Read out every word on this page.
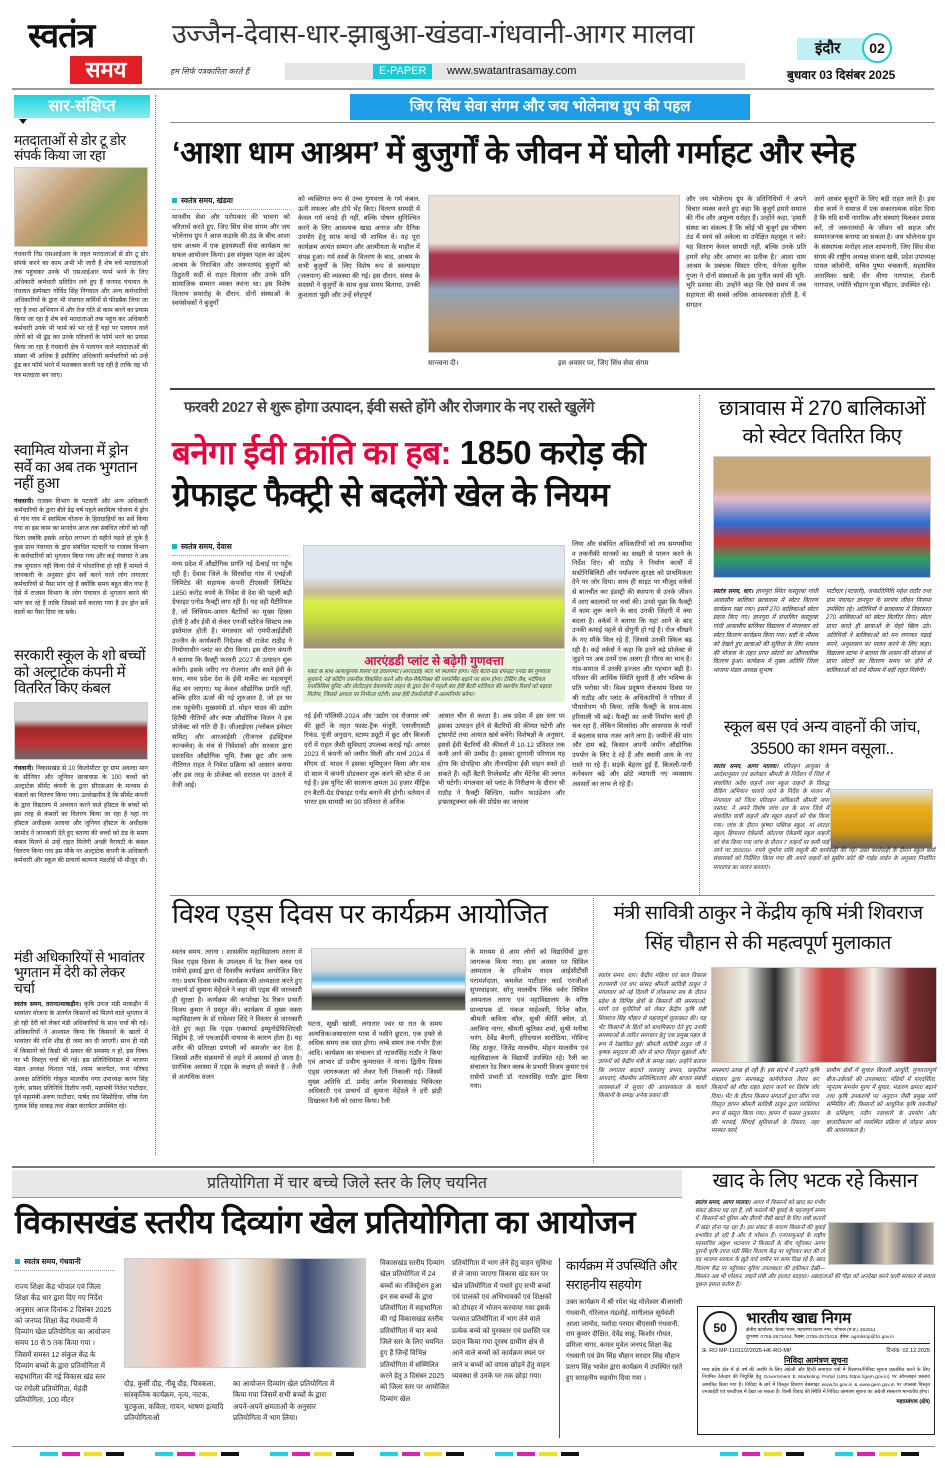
स्वतंत्र
समय
उज्जैन-देवास-धार-झाबुआ-खंडवा-गंधवानी-आगर मालवा
हम सिर्फ पत्रकारिता करते हैं	E-PAPER	www.swatantrasamay.com
इंदौर	02
बुधवार 03 दिसंबर 2025
सार-संक्षिप्त
मतदाताओं से डोर टू डोर संपर्क किया जा रहा
गंधवानी निप्र एसआईआर के तहत मतदाताओं से डोर टू डोर संपर्क करने का काम अभी भी जारी है शेष बचे मतदाताओं तक पहुंचकर उनके भी एसआईआर फार्म भरने के लिए अधिकारी कर्मचारी प्रतिदिन लगे हुए हैं जनपद पंचायत के पंचायत इंस्पेक्टर गोविंद सिंह निगवाल और अन्य कर्मचारियों अधिकारियों के द्वारा भी पंचायत कर्मियों से फीडबैक लिया जा रहा है तथा अभियान में और तेज गति से काम करने का प्रयास किया जा रहा है शेष बचे मतदाताओं तक पहुंच कर अधिकारी कर्मचारी उनके भी फार्म को भर रहे हैं यहां पर पलायन वाले लोगों को भी ढूंढ कर उनके परिजनों के फॉर्म भरने का प्रयास किया जा रहा है गंधवानी क्षेत्र में पलायन वाले मतदाताओं की संख्या भी अधिक है इसीलिए अधिकारी कर्मचारियों को उन्हें ढूंढ कर फॉर्म भरने में मशक्कत करनी पड़ रही है ताकि वह भी पत्र मतदाता बन जाए।
स्वामित्व योजना में ड्रोन सर्वे का अब तक भुगतान नहीं हुआ
गंधवानी। राजस्व विभाग के पटवारी और अन्य अधिकारी कर्मचारियों के द्वारा बीते डेढ़ वर्ष पहले स्वामित्व योजना में ड्रोन से गांव गांव में स्वामित्व योजना के हितग्राहियों का सर्वे किया गया था इस काम का मानदेय आज तक संबंधित लोगों को नहीं मिला जबकि इसके आदेश लगभग दो महीने पहले हो चुके हैं कुछ ग्राम पंचायत के द्वारा संबंधित पटवारी या राजस्व विभाग के कर्मचारियों को भुगतान किया गया और कई पंचायत ने अब तक भुगतान नहीं किया ऐसे में परेशानियां हो रही हैं मामले में जानकारी के अनुसार ड्रोन सर्वे करने वाले लोग लगातार कर्मचारियों से पैसा मांग रहे हैं क्योंकि समय बहुत बीत गया है ऐसे में राजस्व विभाग के लोग पंचायत से भुगतान करने की मांग कर रहे हैं ताकि जिससे सर्वे कराया गया है उन ड्रोन सर्वे वालों का पैसा दिया जा सके।
सरकारी स्कूल के शो बच्चों को अल्ट्राटेक कंपनी में वितरित किए कंबल
गंधवानी। विकासखंड से 10 किलोमीटर दूर ग्राम अवल्दा मान के सीनियर और जूनियर छात्रावास के 100 बच्चों को अल्ट्राटेक सीमेंट कंपनी के द्वारा सीएसआर के माध्यम से कंबलों का वितरण किया गया। उल्लेखनीय है कि सीमेंट कंपनी के द्वारा विद्यालय में अध्ययन करने वाले हॉस्टल के बच्चों को इस तरह से कंबलों का वितरण किया जा रहा है यहां पर हॉस्टल अधीक्षक अलावा और जूनियर हॉस्टल के अधीक्षक जामोद ने जानकारी देते हुए बताया की बच्चों को ठंड के समय कंबल मिलने से उन्हें राहत मिलेगी अच्छी वैरायटी के कंबल वितरण किया गया इस मौके पर अल्ट्राटेक कंपनी के अधिकारी कर्मचारी और स्कूल की प्राचार्य कल्पना मंडलोई भी मौजूद थी।
मंडी अधिकारियों से भावांतर भुगतान में देरी को लेकर चर्चा
स्वतंत्र समय, तराना/माकड़ौन। कृषि उपज मंडी माकड़ौन में भावांतर योजना के अंतर्गत किसानों को मिलने वाले भुगतान में हो रही देरी को लेकर मंडी अधिकारियों के साथ चर्चा की गई। अधिकारियों ने आश्वस्त किया कि किसानों के खातों में भावांतर की राशि शीघ्र ही जमा कर दी जाएगी। साथ ही मंडी में किसानों को किसी भी प्रकार की समस्या न हो, इस विषय पर भी विस्तृत चर्चा की गई। इस प्रतिनिधिमंडल में भाजपा मंडल अध्यक्ष विशाल पांडे, श्याम कारपेंटर, नगर परिषद अध्यक्ष प्रतिनिधि गोकुल मालवीय नगर उपाध्यक्ष करण सिंह गुर्जर, सांसद प्रतिनिधि दिलीप नामी, महामंत्री नितेश पाटीदार, पूर्व महामंत्री अरुण पाटीदार, पार्षद राम सिसोदिया, वरिष्ठ नेता गुलाब सिंह धाकड़ तथा शेखर कारपेंटर उपस्थित रहे।
जिए सिंध सेवा संगम और जय भोलेनाथ ग्रुप की पहल
‘आशा धाम आश्रम’ में बुजुर्गों के जीवन में घोली गर्माहट और स्नेह
स्वतंत्र समय, खंडवा
मानवीय सेवा और परोपकार की भावना को चरितार्थ करते हुए, जिए सिंध सेवा संगम और जय भोलेनाथ ग्रुप ने आज कड़ाके की ठंड के बीच आशा धाम आश्रम में एक हृदयस्पर्शी सेवा कार्यक्रम का सफल आयोजन किया। इस संयुक्त पहल का उद्देश्य आश्रम के निराश्रित और जरूरतमंद बुजुर्गों को ठिठुरती सर्दी से राहत दिलाना और उनके प्रति सामाजिक सम्मान व्यक्त करना था। इस विशेष वितरण समारोह के दौरान, दोनों संस्थाओं के स्वयंसेवकों ने बुजुर्गों
को व्यक्तिगत रूप से उच्च गुणवत्ता के गर्म कंबल, ऊनी मफलर और टोपे भेंट किए। वितरण सामग्री में केवल गर्म कपड़े ही नहीं, बल्कि पोषण सुनिश्चित करने के लिए आवश्यक खाद्य अनाज और दैनिक उपयोग हेतु साफ कपड़े भी शामिल थे। यह पूरा कार्यक्रम अत्यंत सम्मान और आत्मीयता के माहौल में संपन्न हुआ। गर्म वस्त्रों के वितरण के बाद, आश्रम के सभी बुजुर्गों के लिए विशेष रूप से स्वल्पाहार (जलपान) की व्यवस्था की गई। इस दौरान, संस्था के सदस्यों ने बुजुर्गों के साथ कुछ समय बिताया, उनकी कुशलता पूछी और उन्हें स्नेहपूर्ण
सान्त्वना दी।	इस अवसर पर, जिए सिंध सेवा संगम
और जय भोलेनाथ ग्रुप के प्रतिनिधियों ने अपने विचार व्यक्त करते हुए कहा कि बुजुर्ग हमारे समाज की नींव और अमूल्य धरोहर हैं। उन्होंने कहा, 'हमारी संस्था का संकल्प है कि कोई भी बुजुर्ग इस भीषण ठंड में स्वयं को अकेला या उपेक्षित महसूस न करे। यह वितरण केवल सामग्री नहीं, बल्कि उनके प्रति हमारे स्नेह और आभार का प्रतीक है।' आशा धाम आश्रम के प्रबंधक सिस्टर एरिना, मेनेजर सुनील गुप्ता ने दोनों संस्थाओं के इस पुनीत कार्य की भूरि-भूरि प्रशंसा की। उन्होंने कहा कि ऐसे समय में जब सहायता की सबसे अधिक आवश्यकता होती है, ये संगठन
आगे आकर बुजुर्गों के लिए बड़ी राहत लाते हैं। इस सेवा कार्य ने समाज में एक सकारात्मक संदेश दिया है कि यदि सभी नागरिक और संस्थाएं मिलकर प्रयास करें, तो जरूरतमंदों के जीवन को सहज और सम्मानजनक बनाया जा सकता है। जय भोलेनाथ ग्रुप के संस्थापक मनोहर लाल शामनानी, जिए सिंध सेवा संगम की राष्ट्रीय अध्यक्ष संजना खत्री, प्रदेश उपाध्यक्ष पायल कॉलोनी, सचिव पुष्पा चंचलानी, सहसचिव अनामिका खत्री, वीर वीणा नागपाल, रोशनी नागपाल, ज्योति चौहान पूजा चौहान, उपस्थित रहे।
फरवरी 2027 से शुरू होगा उत्पादन, ईवी सस्ते होंगे और रोजगार के नए रास्ते खुलेंगे
बनेगा ईवी क्रांति का हब: 1850 करोड़ की
ग्रेफाइट फैक्ट्री से बदलेंगे खेल के नियम
स्वतंत्र समय, देवास
मध्य प्रदेश में औद्योगिक प्रगति नई ऊँचाई पर पहुँच रही है। देवास जिले के सिरसोदा गांव में एचईजी लिमिटेड की सहायक कंपनी टीएससी लिमिटेड 1850 करोड़ रुपये के निवेश से देश की पहली बड़ी ग्रेफाइट एनोड फैक्ट्री लगा रही है। यह वही मैटीरियल है, जो लिथियम-आयन बैटरियों का मुख्य हिस्सा होती है और ईवी से लेकर एनर्जी स्टोरेज सिस्टम तक इस्तेमाल होती है। मंगलवार को एमपीआईडीसी उज्जैन के कार्यकारी निदेशक श्री राजेश राठौड़ ने निर्माणाधीन प्लांट का दौरा किया। इस दौरान कंपनी ने बताया कि फैक्ट्री फरवरी 2027 से उत्पादन शुरू करेगी। इसके जरिए नए रोजगार और सस्ते ईवी के साथ, मध्य प्रदेश देश के ईवी मार्केट का महत्वपूर्ण केंद्र बन जाएगा। यह केवल औद्योगिक प्रगति नहीं, बल्कि हरित ऊर्जा की नई शुरुआत है, जो हर घर तक पहुंचेगी। मुख्यमंत्री डॉ. मोहन यादव की उद्योग हितैषी नीतियों और स्पष्ट औद्योगिक विजन ने इस प्रोजेक्ट को गति दी है। जीआईएस (ग्लोबल इंवेस्टर समिट) और आरआईसी (रीजनल इंडस्ट्रियल कान्क्लेव) के मंच से निवेशकों और सरकार द्वारा प्रस्तावित औद्योगिक भूमि, टैक्स छूट और अन्य नीतिगत राहत ने निवेश प्रक्रिया को आसान बनाया और इस तरह के प्रोजेक्ट को धरातल पर उतरने में तेजी आई।
आरएंडडी प्लांट से बढ़ेगी गुणवत्ता
प्लांट के साथ अत्याधुनिक रिसर्च एंड डेवलपमेंट (आरएंडडी) सेंटर भी स्थापित होगा। यहां बैटरी-ग्रेड ग्रेफाइट एनोड की गुणवत्ता सुधारने, नई कोटिंग तकनीक विकसित करने और सेल-मैकेनिक्स की परफॉर्मेंस बढ़ाने पर काम होगा। टेस्टिंग लैब, मटेरियल एनालिसिस यूनिट और प्रोटोटाइप डेवलपमेंट लाइन के द्वारा देश में पहली बार ईवी बैटरी मटेरियल की स्थानीय रिसर्च को बढ़ावा मिलेगा, जिससे आयात पर निर्भरता घटेगी। साथ ईवी टेक्नोलॉजी में आत्मनिर्भर बनेगा।
नई ईवी पॉलिसी-2024 और 'उद्योग एवं रोजगार वर्ष' की छूटों के तहत फास्ट-ट्रैक मंजूरी, एसजीएसटी रिफंड, पूंजी अनुदान, स्टाम्प ड्यूटी में छूट और बिजली दरों में राहत जैसी सुविधाएं उपलब्ध कराई गईं। अगस्त 2023 में कंपनी को जमीन मिली और मार्च 2024 में सीएम डॉ. यादव ने इसका भूमिपूजन किया और मात्र दो साल में कंपनी प्रोडक्शन शुरू करने की स्टेज में आ गई है। इस यूनिट की सालाना क्षमता 30 हजार मीट्रिक टन बैटरी-ग्रेड ग्रेफाइट एनोड बनाने की होगी। वर्तमान में भारत इस सामग्री का 90 प्रतिशत से अधिक
आयात चीन से करता है। अब प्रदेश में इस स्तर पर इसका उत्पादन होने से बैटरियों की कीमत घटेगी और ट्रांसपोर्ट तथा आयात खर्च बचेंगे। विशेषज्ञों के अनुसार, इससे ईवी बैटरियों की कीमतों में 10-12 प्रतिशत तक कमी आने की उम्मीद है। इसका दूरगामी परिणाम यह होगा कि दोपहिया और तीनपहिया ईवी वाहन सस्ते हो सकते हैं। वहीं बैटरी रिप्लेसमेंट और मेंटेनेंस की लागत भी घटेगी। मंगलवार को प्लांट के निरीक्षण के दौरान श्री राठौड़ ने फैक्ट्री बिल्डिंग, मशीन फाउंडेशन और इन्फ्रास्ट्रक्चर वर्क की प्रोग्रेस का जायजा
लिया और संबंधित अधिकारियों को तय समयसीमा व तकनीकी मानकों का सख्ती से पालन करने के निर्देश दिए। श्री राठौड़ ने निर्माण कार्यों में सस्टेनिबिलिटी और पर्यावरण सुरक्षा को प्राथमिकता देने पर जोर दिया। साथ ही साइट पर मौजूद वर्कर्स से बातचीत कर इंडस्ट्री की स्थापना से उनके जीवन में आए बदलावों पर चर्चा की। उनसे पूछा कि फैक्ट्री में काम शुरू करने के बाद उनकी जिंदगी में क्या बदला है। वर्कर्स ने बताया कि यहां आने के बाद उनकी कमाई पहले से दोगुनी हो गई है। रोज सीखने के नए मौके मिल रहे हैं, जिससे उनकी स्किल बढ़ रही है। कई वर्कर्स ने कहा कि इतने बड़े प्रोजेक्ट से जुड़ने पर अब उनमें एक अलग ही गौरव का भाव है। गांव-समाज में उनकी इज्जत और पहचान बढ़ी है। परिवार की आर्थिक स्थिति सुधरी है और भविष्य के प्रति भरोसा भी। विश्व प्रदूषण रोकथाम दिवस पर श्री राठौड़ और प्लांट के अधिकारियों ने परिसर में पौधारोपण भी किया, ताकि फैक्ट्री के साथ-साथ हरियाली भी बढ़े। फैक्ट्री का अभी निर्माण कार्य ही चल रहा है, लेकिन सिरसोदा और आसपास के गांवों में बदलाव साफ नजर आने लगा है। जमीनों की मांग और दाम बढ़े, किसान अपनी जमीन औद्योगिक उपयोग के लिए दे रहे हैं और स्थायी आय के नए रास्ते पा रहे हैं। सड़कें बेहतर हुई हैं, बिजली-पानी कनेक्शन बढ़े और छोटे व्यापारी नए व्यवसाय अवसरों का लाभ ले रहे हैं।
छात्रावास में 270 बालिकाओं को स्वेटर वितरित किए
स्वतंत्र समय, धार। ज्ञानपुरा स्थित कस्तूरबा गांधी आवासीय बालिका छात्रावास में स्वेटर वितरण कार्यक्रम रखा गया। इसमें 270 बालिकाओं स्वेटर प्रदान किए गए। ज्ञानपुरा में संचालित कस्तूरबा गांधी आवासीय बालिका विद्यालय में मंगलवार को स्वेटर वितरण कार्यक्रम किया गया। सर्दी के मौसम को देखते हुए छात्राओं की सुविधा के लिए शासन की योजना के तहत प्राप्त स्वेटरों का औपचारिक वितरण हुआ। कार्यक्रम में मुख्य अतिथि जिला भाजपा मंडल अध्यक्ष सुभाष
पाटीदार (पटवारी), जनप्रतिनिधि महेश राठौर तथा ग्राम पंचायत ज्ञानपुरा के सरपंच जीवन निनामा उपस्थित रहे। अतिथियों ने छात्रावास में निवासरत 270 बालिकाओं को स्वेटर वितरित किए। स्वेटर प्राप्त करते ही छात्राओं के चेहरे खिल उठे। अतिथियों ने बालिकाओं को मन लगाकर पढ़ाई करने, अनुशासन का पालन करने के लिए कहा। विद्यालय स्टाफ ने बताया कि शासन की योजना से प्राप्त स्वेटरों का वितरण समय पर होने से बालिकाओं को सर्द मौसम में बड़ी राहत मिलेगी।
स्कूल बस एवं अन्य वाहनों की जांच, 35500 का शमन वसूला..
स्वतंत्र समय, आगर मालवा। परिवहन आयुक्त के आदेशानुसार एवं कलेक्टर श्रीमती के निर्देशन में जिले में संचालित अवैध वाहनों तथा स्कूल वाहनों के विरुद्ध चैकिंग अभियान चलाये जाने के निर्देश के पालन में मंगलवार को जिला परिवहन अधिकारी श्रीमती जया वसावा, ने अपने विशेष जांच दल के साथ जिले में संचालित यात्री वाहनों और स्कूल वाहनों को चेक किया गया। जांच के दौरान कृष्णा पब्लिक स्कूल, मां शारदा स्कूल, हिमालय ऐकेडमी, कोटल्या ऐकेडमी स्कूल वाहनों को चेक किया गया जांच के दौरान 7 वाहनों पर कमी पाई जाने पर 35500/- रुपये जुर्माना राशि वसूली की कार्यवाही की गई। उक्त कार्यवाही के दौरान स्कूल बसों संचालकों को निर्देशित किया गया की अपने वाहनों को सुप्रीम कोर्ट की गाईड लाईन के अनुसार निर्धारित मापदण्ड का पालन करवाएं।
विश्व एड्स दिवस पर कार्यक्रम आयोजित
स्वतंत्र समय, तराना । शासकीय महाविद्यालय तराना में विश्व एड्स दिवस के उपलक्ष्य में रेड रिबन क्लब एवं रासेयो इकाई द्वारा दो दिवसीय कार्यक्रम आयोजित किए गए। प्रथम दिवस मंचीय कार्यक्रम की अध्यक्षता करते हुए प्राचार्य डॉ सुमाना मेहेंदले ने कहा की एड्स की जानकारी ही सुरक्षा है। कार्यक्रम की रूपरेखा रेड रिबन प्रभारी विजय कुमार ने प्रस्तुत की। कार्यक्रम में मुख्य वक्ता महाविद्यालय के डॉ रामेश्वर शिंदे ने विस्तार से जानकारी देते हुए कहा कि एड्स एक्वायर्ड इम्यूनोडेफिशिएंसी सिंड्रोम है, जो एचआईवी वायरस के कारण होता है। यह शरीर की प्रतिरक्षा प्रणाली को कमजोर कर देता है, जिससे शरीर संक्रमणों से लड़ने में असमर्थ हो जाता है। प्रारंभिक अवस्था में एड्स के लक्षण हो सकते है - तेजी से अत्यधिक वजन
घटना, सूखी खांसी, लगातार ज्वर या रात के समय अत्यधिक/असाधारण मात्रा में पसीने छूटना, एक हफ्ते से अधिक समय तक दस्त होना। लम्बे समय तक गंभीर हैजा आदि। कार्यक्रम का संचालन डॉ नटवरसिंह राठौर ने किया एवं आभार डॉ प्रवीण कुमरावत ने माना। द्वितीय दिवस एड्स जागरूकता को लेकर रैली निकाली गई। जिसमें मुख्य अतिथि डॉ. प्रमोद अर्गल विकासखंड चिकित्सा अधिकारी एवं प्राचार्य डॉ सुमाना मेहेंदले ने हरी झंडी दिखाकर रैली को रवाना किया। रैली
के माध्यम से आम लोगों को विद्यार्थियों द्वारा जागरूक किया गया। इस अवसर पर सिविल अस्पताल के हरिओम यादव आईसीटीसी परामर्शदाता, कमलेश पाटीदार कार्ड एनजीओ सुपरवाइजर, सोनू मालवीय लिंक वर्कर सिविल अस्पताल तराना एवं महाविद्यालय के वरिष्ठ प्राध्यापक डॉ. पंकज माहेश्वरी, दिनेश कौल, श्रीमती कविता कौल, सुश्री कीर्ति बघेल, डॉ. अरविन्द नागर, श्रीमती श्रुतिका शर्मा, सुश्री मनीषा भरंग, देवेंद्र बैरागी, हरिदयाल सारोठिया, गोविन्द सिंह ठाकुर, जितेंद्र मालवीय, मोहन मालवीय एवं महाविद्यालय के विद्यार्थी उपस्थित रहे। रैली का संचालन रेड रिबन क्लब के प्रभारी विजय कुमार एवं रासेयो प्रभारी डॉ. नटवरसिंह राठौर द्वारा किया गया।
मंत्री सावित्री ठाकुर ने केंद्रीय कृषि मंत्री शिवराज सिंह चौहान से की महत्वपूर्ण मुलाकात
स्वतंत्र समय, धार। केंद्रीय महिला एवं बाल विकास राज्यमंत्री एवं धार सांसद श्रीमती सावित्री ठाकुर ने मंगलवार को नई दिल्ली में लोकसभा सत्र के दौरान प्रदेश के विभिन्न क्षेत्रों के किसानों की समस्याओं, मांगों एवं चुनौतियों को लेकर केंद्रीय कृषि मंत्री शिवराज सिंह चौहान से महत्वपूर्ण मुलाकात की। यह भेंट किसानों के हितों को प्राथमिकता देते हुए उनकी समस्याओं के त्वरित समाधान हेतु एक प्रमुख पहल के रूप में रेखांकित हुई। श्रीमती सावित्री ठाकुर जी ने कृषक समुदाय की ओर से प्राप्त विस्तृत सुझावों और ज्ञापनों को केंद्रीय मंत्री के समक्ष रखा। उन्होंने बताया कि लगातार बदलते जलवायु प्रभाव, प्राकृतिक आपदाएं, मौसमीय अनिश्चितताएं और बाजार संबंधी व्यवस्थाओं में सुधार की आवश्यकता के चलते किसानों के समक्ष अनेक प्रकार की
समस्याएं उत्पन्न हो रही हैं। इस संदर्भ में उन्होंने कृषि मंत्रालय द्वारा समयबद्ध कार्ययोजना तैयार कर किसानों को शीघ्र राहत प्रदान करने पर विशेष जोर दिया। भेंट के दौरान किसान संगठनों द्वारा सौंपा गया विस्तृत ज्ञापन श्रीमती सावित्री ठाकुर द्वारा व्यक्तिगत रूप से प्रस्तुत किया गया। ज्ञापन में फसल नुकसान की भरपाई, सिंचाई सुविधाओं के विस्तार, नहर मरम्मत कार्य,
ग्रामीण क्षेत्रों में सुचारु बिजली आपूर्ति, गुणवत्तापूर्ण बीज-उर्वरकों की उपलब्धता, मंडियों में पारदर्शिता, न्यूनतम समर्थन मूल्य में सुधार, भंडारण क्षमता बढ़ाने तथा कृषि उपकरणों पर अनुदान जैसी प्रमुख मांगें सम्मिलित थीं। किसानों को आधुनिक कृषि तकनीकों के प्रशिक्षण, नवीन नवाचारों के उपयोग और बाजारीकरण को व्यवस्थित प्रक्रिया से जोड़ना समय की आवश्यकता है।
प्रतियोगिता में चार बच्चे जिले स्तर के लिए चयनित
विकासखंड स्तरीय दिव्यांग खेल प्रतियोगिता का आयोजन
स्वतंत्र समय, गंधवानी
राज्य शिक्षा केंद्र भोपाल एवं जिला शिक्षा केंद्र धार द्वारा दिए गए निर्देश अनुसार आज दिनांक 2 दिसंबर 2025 को जनपद शिक्षा केंद्र गंधवानी में दिव्यांग खेल प्रतियोगिता का आयोजन समय 10 से 5 तक किया गया । जिसमें समस्त 12 संकुल केंद्र के दिव्यांग बच्चों के द्वारा प्रतियोगिता में सहभागिता की गई विकास खंड स्तर पर रंगोली प्रतियोगिता, मेहंदी प्रतियोगिता, 100 मीटर
दौड़, कुर्सी दौड़, नींबू दौड़, चित्रकला, सांस्कृतिक कार्यक्रम, नृत्य, नाटक, चुटकुला, कविता, गायन, भाषण इत्यादि प्रतियोगिताओं
का आयोजन दिव्यांग खेल प्रतियोगिता में किया गया जिसमें सभी बच्चों के द्वारा अपने-अपने क्षमताओं के अनुसार प्रतियोगिता में भाग लिया।
विकासखंड स्तरीय दिव्यांग खेल प्रतियोगिता में 24 बच्चों का रजिस्ट्रेशन हुआ इन सब बच्चों के द्वारा प्रतियोगिता में सहभागिता की गई विकासखंड स्तरीय प्रतियोगिता में चार बच्चे जिले स्तर के लिए चयनित हुए हैं जिन्हें विभिन्न प्रतियोगिता में सम्मिलित करने हेतु 3 दिसंबर 2025 को जिला स्तर पर आयोजित दिव्यांग खेल
प्रतियोगिता में भाग लेने हेतु वाहन सुविधा से ले जाया जाएगा विकास खंड स्तर पर खेल प्रतियोगिता में पधारे हुए सभी बच्चों एवं पालकों एवं अभिभावकों एवं शिक्षकों को दोपहर में भोजन करवाया गया इसके पश्चात प्रतियोगिता में भाग लेने वाले प्रत्येक बच्चे को पुरस्कार एवं प्रशस्ति पत्र प्रदान किया गया दूरस्थ ग्रामीण क्षेत्र से आने वाले बच्चों को कार्यक्रम स्थल पर लाने व बच्चों को वापस छोड़ने हेतु वाहन व्यवस्था से उनके घर तक छोड़ा गया।
कार्यक्रम में उपस्थिति और सराहनीय सहयोग
उक्त कार्यक्रम में श्री रमेश चंद्र मोलेश्वर बीआरसी गंधवानी, गोरेलाल मंडलोई, मांगीलाल सूर्यवंशी आशा जामोद, यशोदा परमार बीएससी गंधवानी, राम कुमार दीक्षित, देवेंद्र साहू, किशोर गोयल, प्रमिला नागर, कमल मुवेल जनपद शिक्षा केंद्र गंधवानी एवं प्रेम सिंह चौहान सरदार सिंह चौहान प्रताप सिंह भावेल द्वारा कार्यक्रम में उपस्थित रहते हुए सराहनीय सहयोग दिया गया ।
खाद के लिए भटक रहे किसान
स्वतंत्र समय, आगर मालवा। आगर में किसानों को खाद का गंभीर संकट झेलना पड़ रहा है, रबी फसलों की बुवाई के महत्वपूर्ण समय में, किसानों को यूरिया और डीएपी जैसी खादों के लिए लंबी कतारों में खड़ा होना पड़ रहा है। इस संकट के कारण किसानों की बुवाई प्रभावित हो रही है और वे परेशान हैं। एनएसयूआई के राष्ट्रीय महासचिव अंकुश भटनागर ने किसानों के बीच पहुँचकर आगर पुरानी कृषि उपज मंडी स्थित वितरण केंद्र पर पहुँचकर बात की तो वह भाजपा सरकार के झूठे वादे जमीन पर साफ दिख रहे हैं। खाद वितरण केंद्र पर पहुँचकर यूरिया उपलब्धता की हकीकत देखी—किसान अब भी परेशान, लाइनें लंबी और हालात बदहाल। अन्नदाताओं की पीड़ा को अनदेखा करने वाली सरकार से सवाल पूछना हमारा कर्तव्य है।
50
भारतीय खाद्य निगम
क्षेत्रीय कार्यालय, चेतक भवन, महाराणा प्रताप नगर, भोपाल (म.प्र.) 462011
दूरभाष: 0755-2573444, फैक्स: 0755-2573418, ईमेल: agmlkmp@fci.gov.in
क्र. RO MP-11011/2/2025-HK-RO-MP	दिनांक: 02.12.2025
निविदा आमंत्रण सूचना
मध्य प्रदेश क्षेत्र में दो वर्ष की अवधि के लिए अंग्रेजी और हिन्दी समाचार पत्रों में विज्ञापन/निविदा सूचना प्रकाशित करने के लिए नियमित ठेकेदार की नियुक्ति हेतु Government E Marketing Portal (URL:https://gem.gov.in) पर ऑनलाइन प्रस्ताव आमंत्रित किया गया है। निविदा के बारे में विस्तृत विवरण वेबसाइट www.fci.gov.in & www.gem.gov.in पर उपलब्ध विस्तृत एनआईटी एवं एसटीएस में देखा जा सकता है। किसी विवाद की स्थिति में निविदा आमंत्रण सूचना का अंग्रेजी संस्करण मान्य/वैध होगा।
महाप्रबंधक (क्षेत्र)
